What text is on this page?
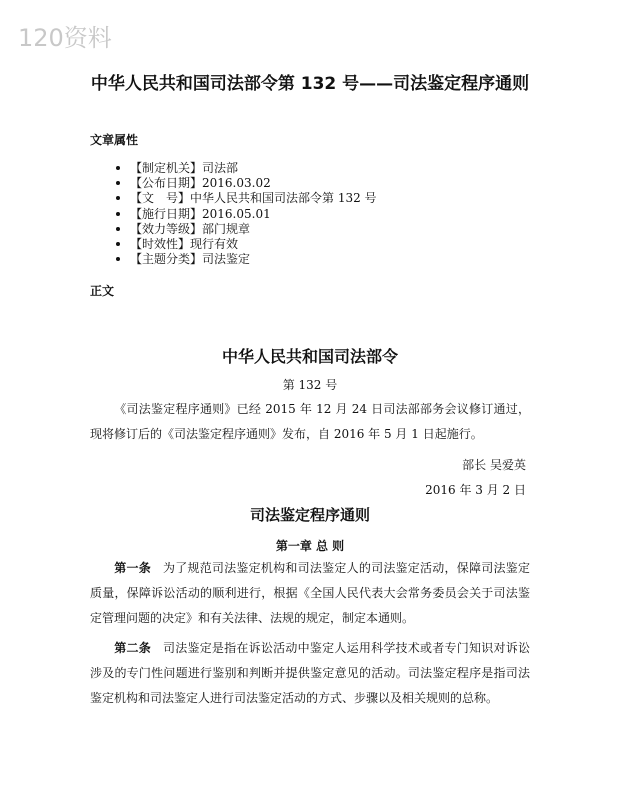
120资料
中华人民共和国司法部令第 132 号——司法鉴定程序通则
文章属性
【制定机关】司法部
【公布日期】2016.03.02
【文　号】中华人民共和国司法部令第 132 号
【施行日期】2016.05.01
【效力等级】部门规章
【时效性】现行有效
【主题分类】司法鉴定
正文
中华人民共和国司法部令
第 132 号
《司法鉴定程序通则》已经 2015 年 12 月 24 日司法部部务会议修订通过，现将修订后的《司法鉴定程序通则》发布，自 2016 年 5 月 1 日起施行。
部长 吴爱英
2016 年 3 月 2 日
司法鉴定程序通则
第一章 总 则
第一条 为了规范司法鉴定机构和司法鉴定人的司法鉴定活动，保障司法鉴定质量，保障诉讼活动的顺利进行，根据《全国人民代表大会常务委员会关于司法鉴定管理问题的决定》和有关法律、法规的规定，制定本通则。
第二条 司法鉴定是指在诉讼活动中鉴定人运用科学技术或者专门知识对诉讼涉及的专门性问题进行鉴别和判断并提供鉴定意见的活动。司法鉴定程序是指司法鉴定机构和司法鉴定人进行司法鉴定活动的方式、步骤以及相关规则的总称。
